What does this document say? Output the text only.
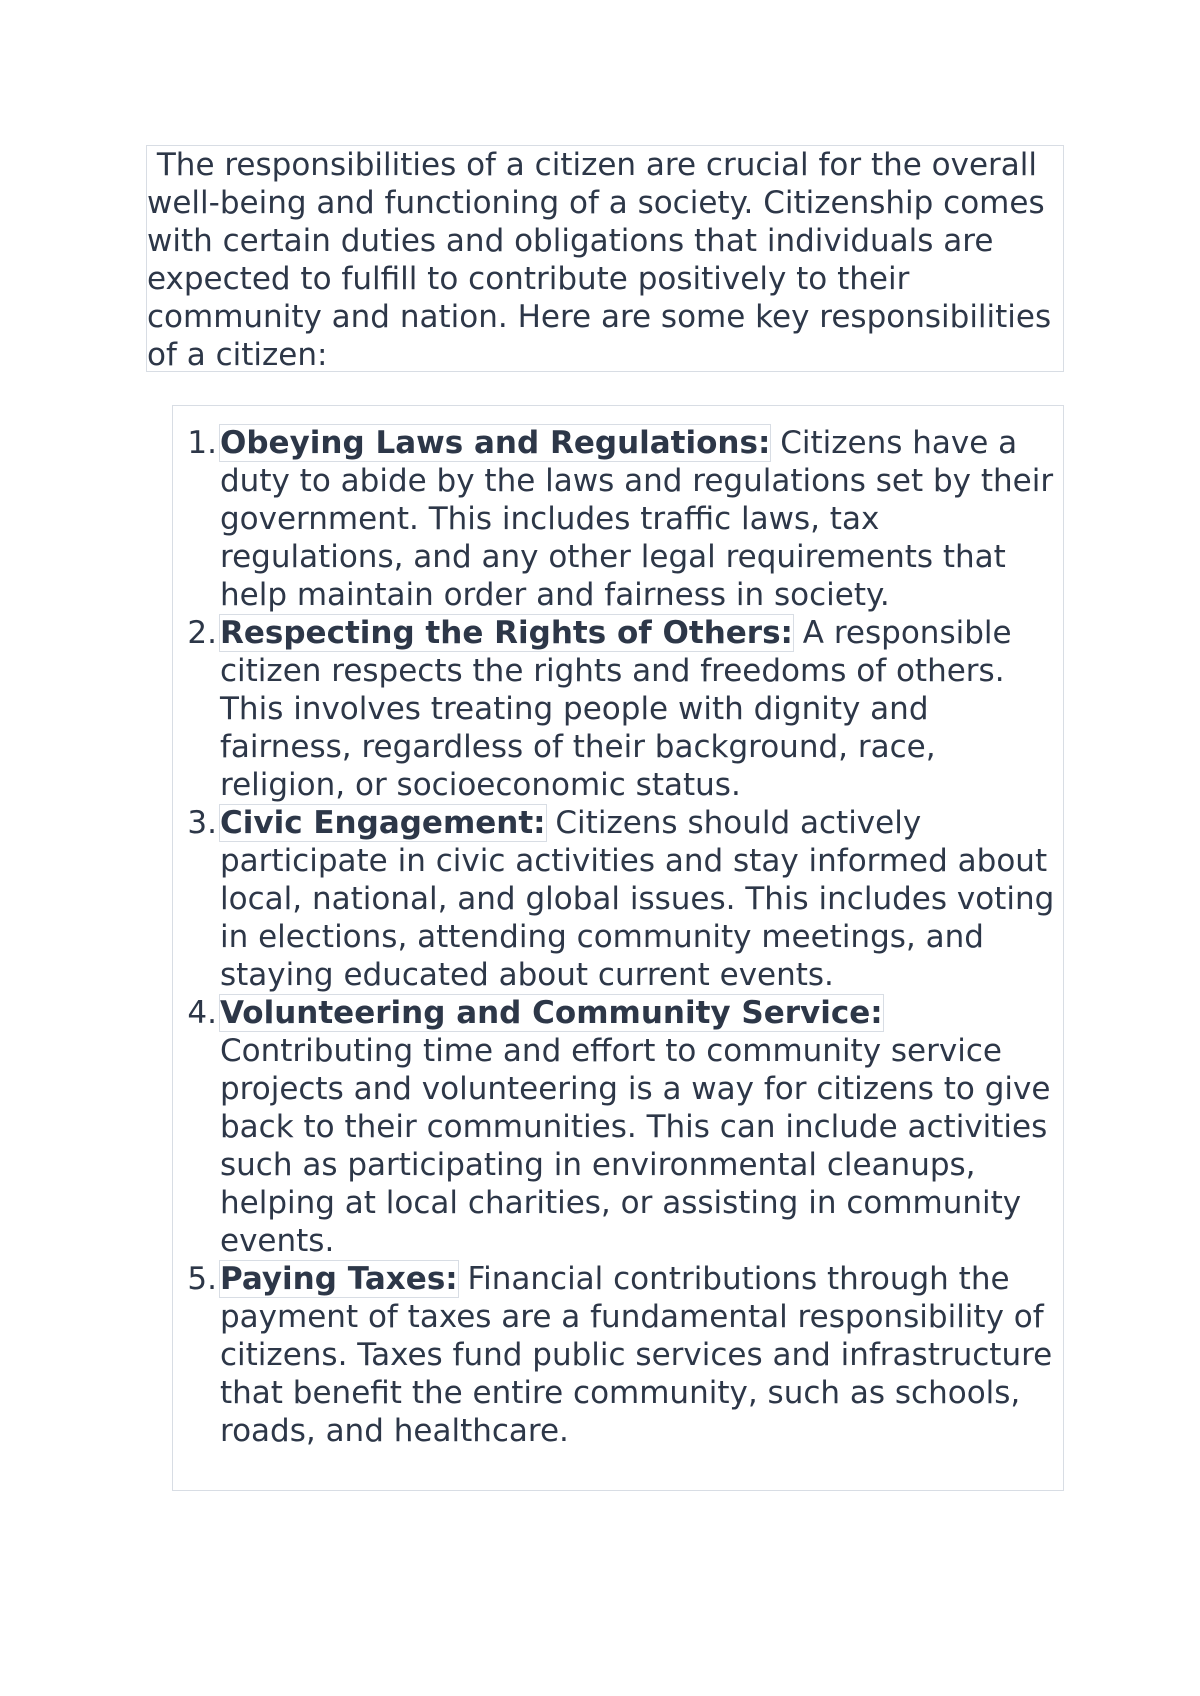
The responsibilities of a citizen are crucial for the overall well-being and functioning of a society. Citizenship comes with certain duties and obligations that individuals are expected to fulfill to contribute positively to their community and nation. Here are some key responsibilities of a citizen:

1. Obeying Laws and Regulations: Citizens have a duty to abide by the laws and regulations set by their government. This includes traffic laws, tax regulations, and any other legal requirements that help maintain order and fairness in society.
2. Respecting the Rights of Others: A responsible citizen respects the rights and freedoms of others. This involves treating people with dignity and fairness, regardless of their background, race, religion, or socioeconomic status.
3. Civic Engagement: Citizens should actively participate in civic activities and stay informed about local, national, and global issues. This includes voting in elections, attending community meetings, and staying educated about current events.
4. Volunteering and Community Service: Contributing time and effort to community service projects and volunteering is a way for citizens to give back to their communities. This can include activities such as participating in environmental cleanups, helping at local charities, or assisting in community events.
5. Paying Taxes: Financial contributions through the payment of taxes are a fundamental responsibility of citizens. Taxes fund public services and infrastructure that benefit the entire community, such as schools, roads, and healthcare.
